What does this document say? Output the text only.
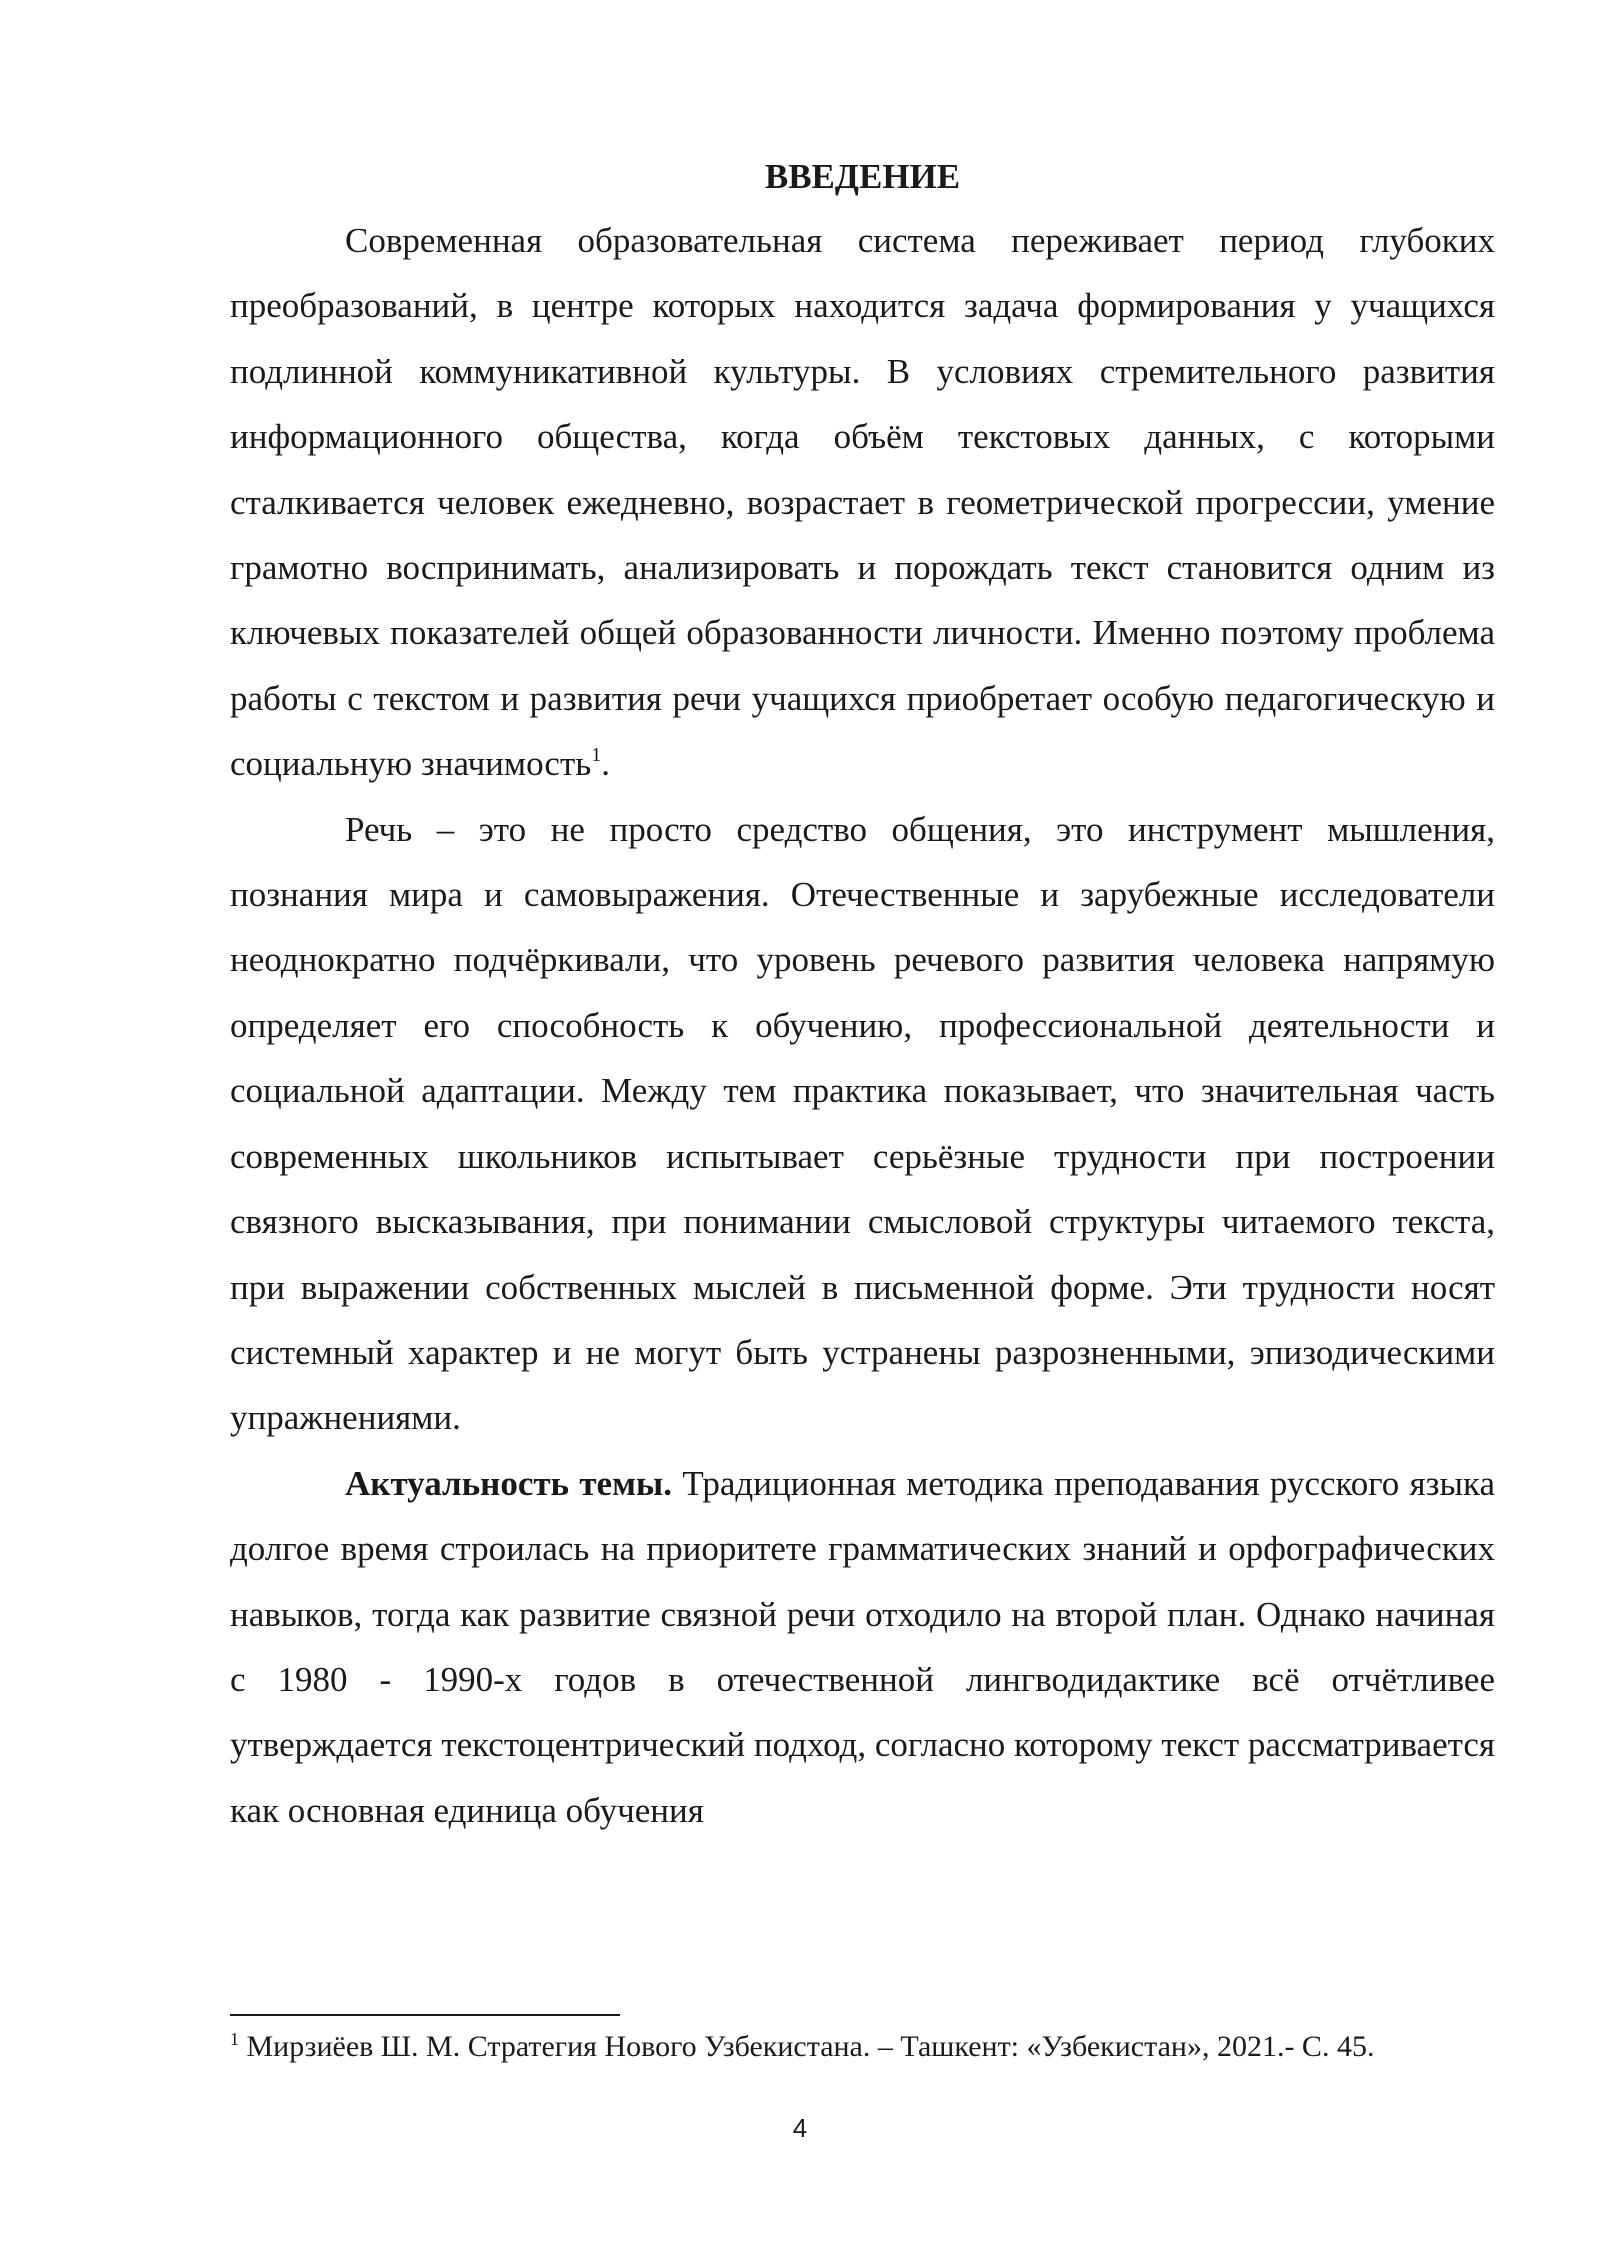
ВВЕДЕНИЕ

Современная образовательная система переживает период глубоких преобразований, в центре которых находится задача формирования у учащихся подлинной коммуникативной культуры. В условиях стремительного развития информационного общества, когда объём текстовых данных, с которыми сталкивается человек ежедневно, возрастает в геометрической прогрессии, умение грамотно воспринимать, анализировать и порождать текст становится одним из ключевых показателей общей образованности личности. Именно поэтому проблема работы с текстом и развития речи учащихся приобретает особую педагогическую и социальную значимость$^1$.

Речь – это не просто средство общения, это инструмент мышления, познания мира и самовыражения. Отечественные и зарубежные исследователи неоднократно подчёркивали, что уровень речевого развития человека напрямую определяет его способность к обучению, профессиональной деятельности и социальной адаптации. Между тем практика показывает, что значительная часть современных школьников испытывает серьёзные трудности при построении связного высказывания, при понимании смысловой структуры читаемого текста, при выражении собственных мыслей в письменной форме. Эти трудности носят системный характер и не могут быть устранены разрозненными, эпизодическими упражнениями.

Актуальность темы. Традиционная методика преподавания русского языка долгое время строилась на приоритете грамматических знаний и орфографических навыков, тогда как развитие связной речи отходило на второй план. Однако начиная с 1980 - 1990-х годов в отечественной лингводидактике всё отчётливее утверждается текстоцентрический подход, согласно которому текст рассматривается как основная единица обучения

$^1$ Мирзиёев Ш. М. Стратегия Нового Узбекистана. – Ташкент: «Узбекистан», 2021.- С. 45.
4
